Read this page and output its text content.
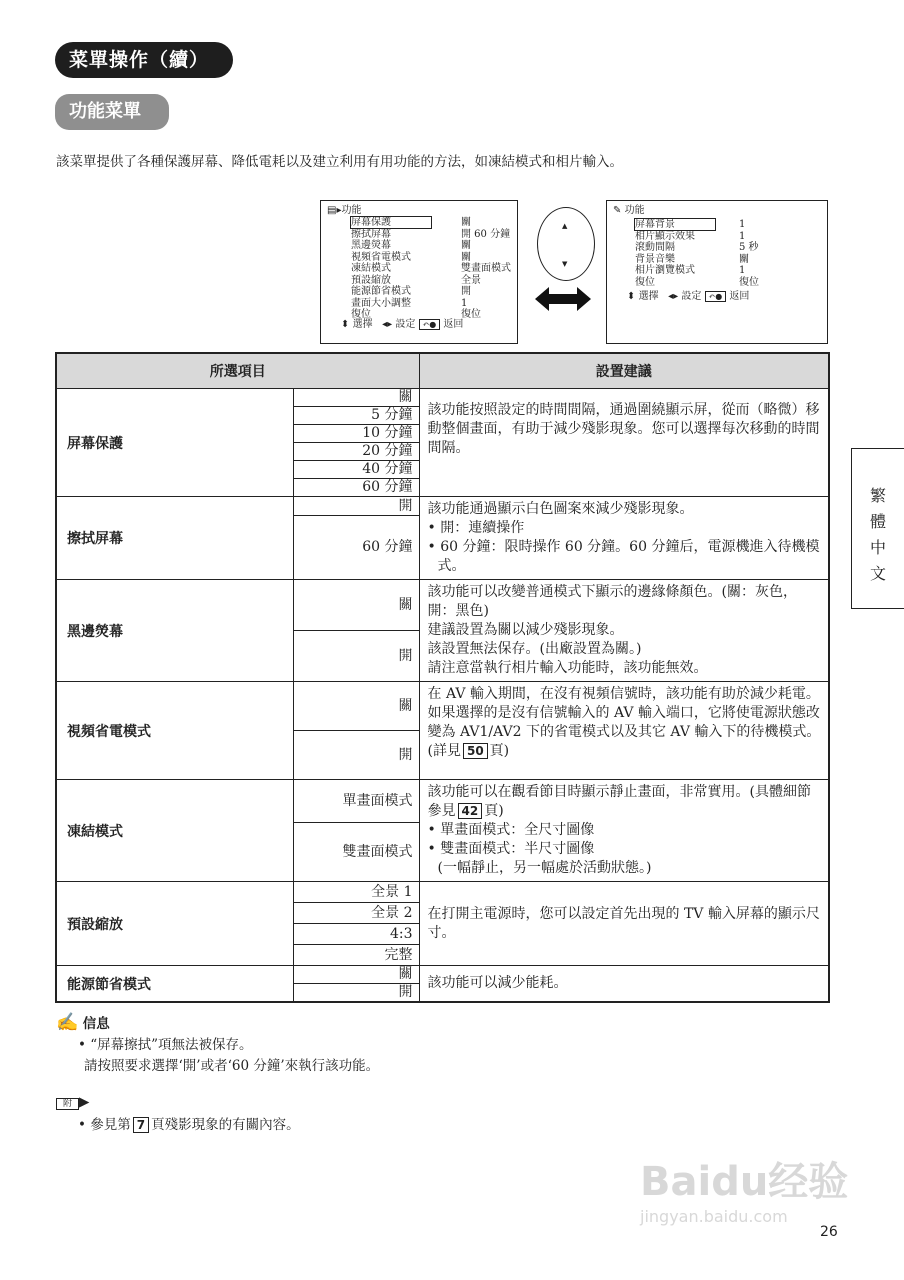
菜單操作（續）
功能菜單
該菜單提供了各種保護屏幕、降低電耗以及建立利用有用功能的方法，如凍結模式和相片輸入。
▤▸功能
屏幕保護	關
擦拭屏幕	開 60 分鐘
黑邊熒幕	關
視頻省電模式	關
凍結模式	雙畫面模式
預設縮放	全景
能源節省模式	開
畫面大小調整	1
復位	復位
⬍ 選擇 ◂▸ 設定 ↶● 返回
▲
▼
✎ 功能
屏幕背景	1
相片顯示效果	1
滾動間隔	5 秒
背景音樂	關
相片瀏覽模式	1
復位	復位
⬍ 選擇 ◂▸ 設定 ↶● 返回
所選項目		設置建議
屏幕保護	關	該功能按照設定的時間間隔，通過圍繞顯示屏，從而（略微）移動整個畫面，有助于減少殘影現象。您可以選擇每次移動的時間間隔。
	5 分鐘	
	10 分鐘	
	20 分鐘	
	40 分鐘	
	60 分鐘	
擦拭屏幕	開	該功能通過顯示白色圖案來減少殘影現象。
• 開：連續操作
• 60 分鐘：限時操作 60 分鐘。60 分鐘后，電源機進入待機模式。

	60 分鐘	
黑邊熒幕	關	該功能可以改變普通模式下顯示的邊緣條顏色。(關：灰色，開：黑色)
建議設置為關以減少殘影現象。
該設置無法保存。(出廠設置為關。)
請注意當執行相片輸入功能時，該功能無效。

	開	
視頻省電模式	關	在 AV 輸入期間，在沒有視頻信號時，該功能有助於減少耗電。如果選擇的是沒有信號輸入的 AV 輸入端口，它將使電源狀態改變為 AV1/AV2 下的省電模式以及其它 AV 輸入下的待機模式。(詳見 50 頁)
	開	
凍結模式	單畫面模式	該功能可以在觀看節目時顯示靜止畫面，非常實用。(具體細節參見 42 頁)
• 單畫面模式：全尺寸圖像
• 雙畫面模式：半尺寸圖像
(一幅靜止，另一幅處於活動狀態。)

	雙畫面模式	
預設縮放	全景 1	在打開主電源時，您可以設定首先出現的 TV 輸入屏幕的顯示尺寸。
	全景 2	
	4:3	
	完整	
能源節省模式	關	該功能可以減少能耗。
	開	
繁
體
中
文
✍ 信息
• “屏幕擦拭”項無法被保存。
請按照要求選擇‘開’或者‘60 分鐘’來執行該功能。
附 ▶
• 參見第 7 頁殘影現象的有關內容。
Baidu经验
jingyan.baidu.com
26
